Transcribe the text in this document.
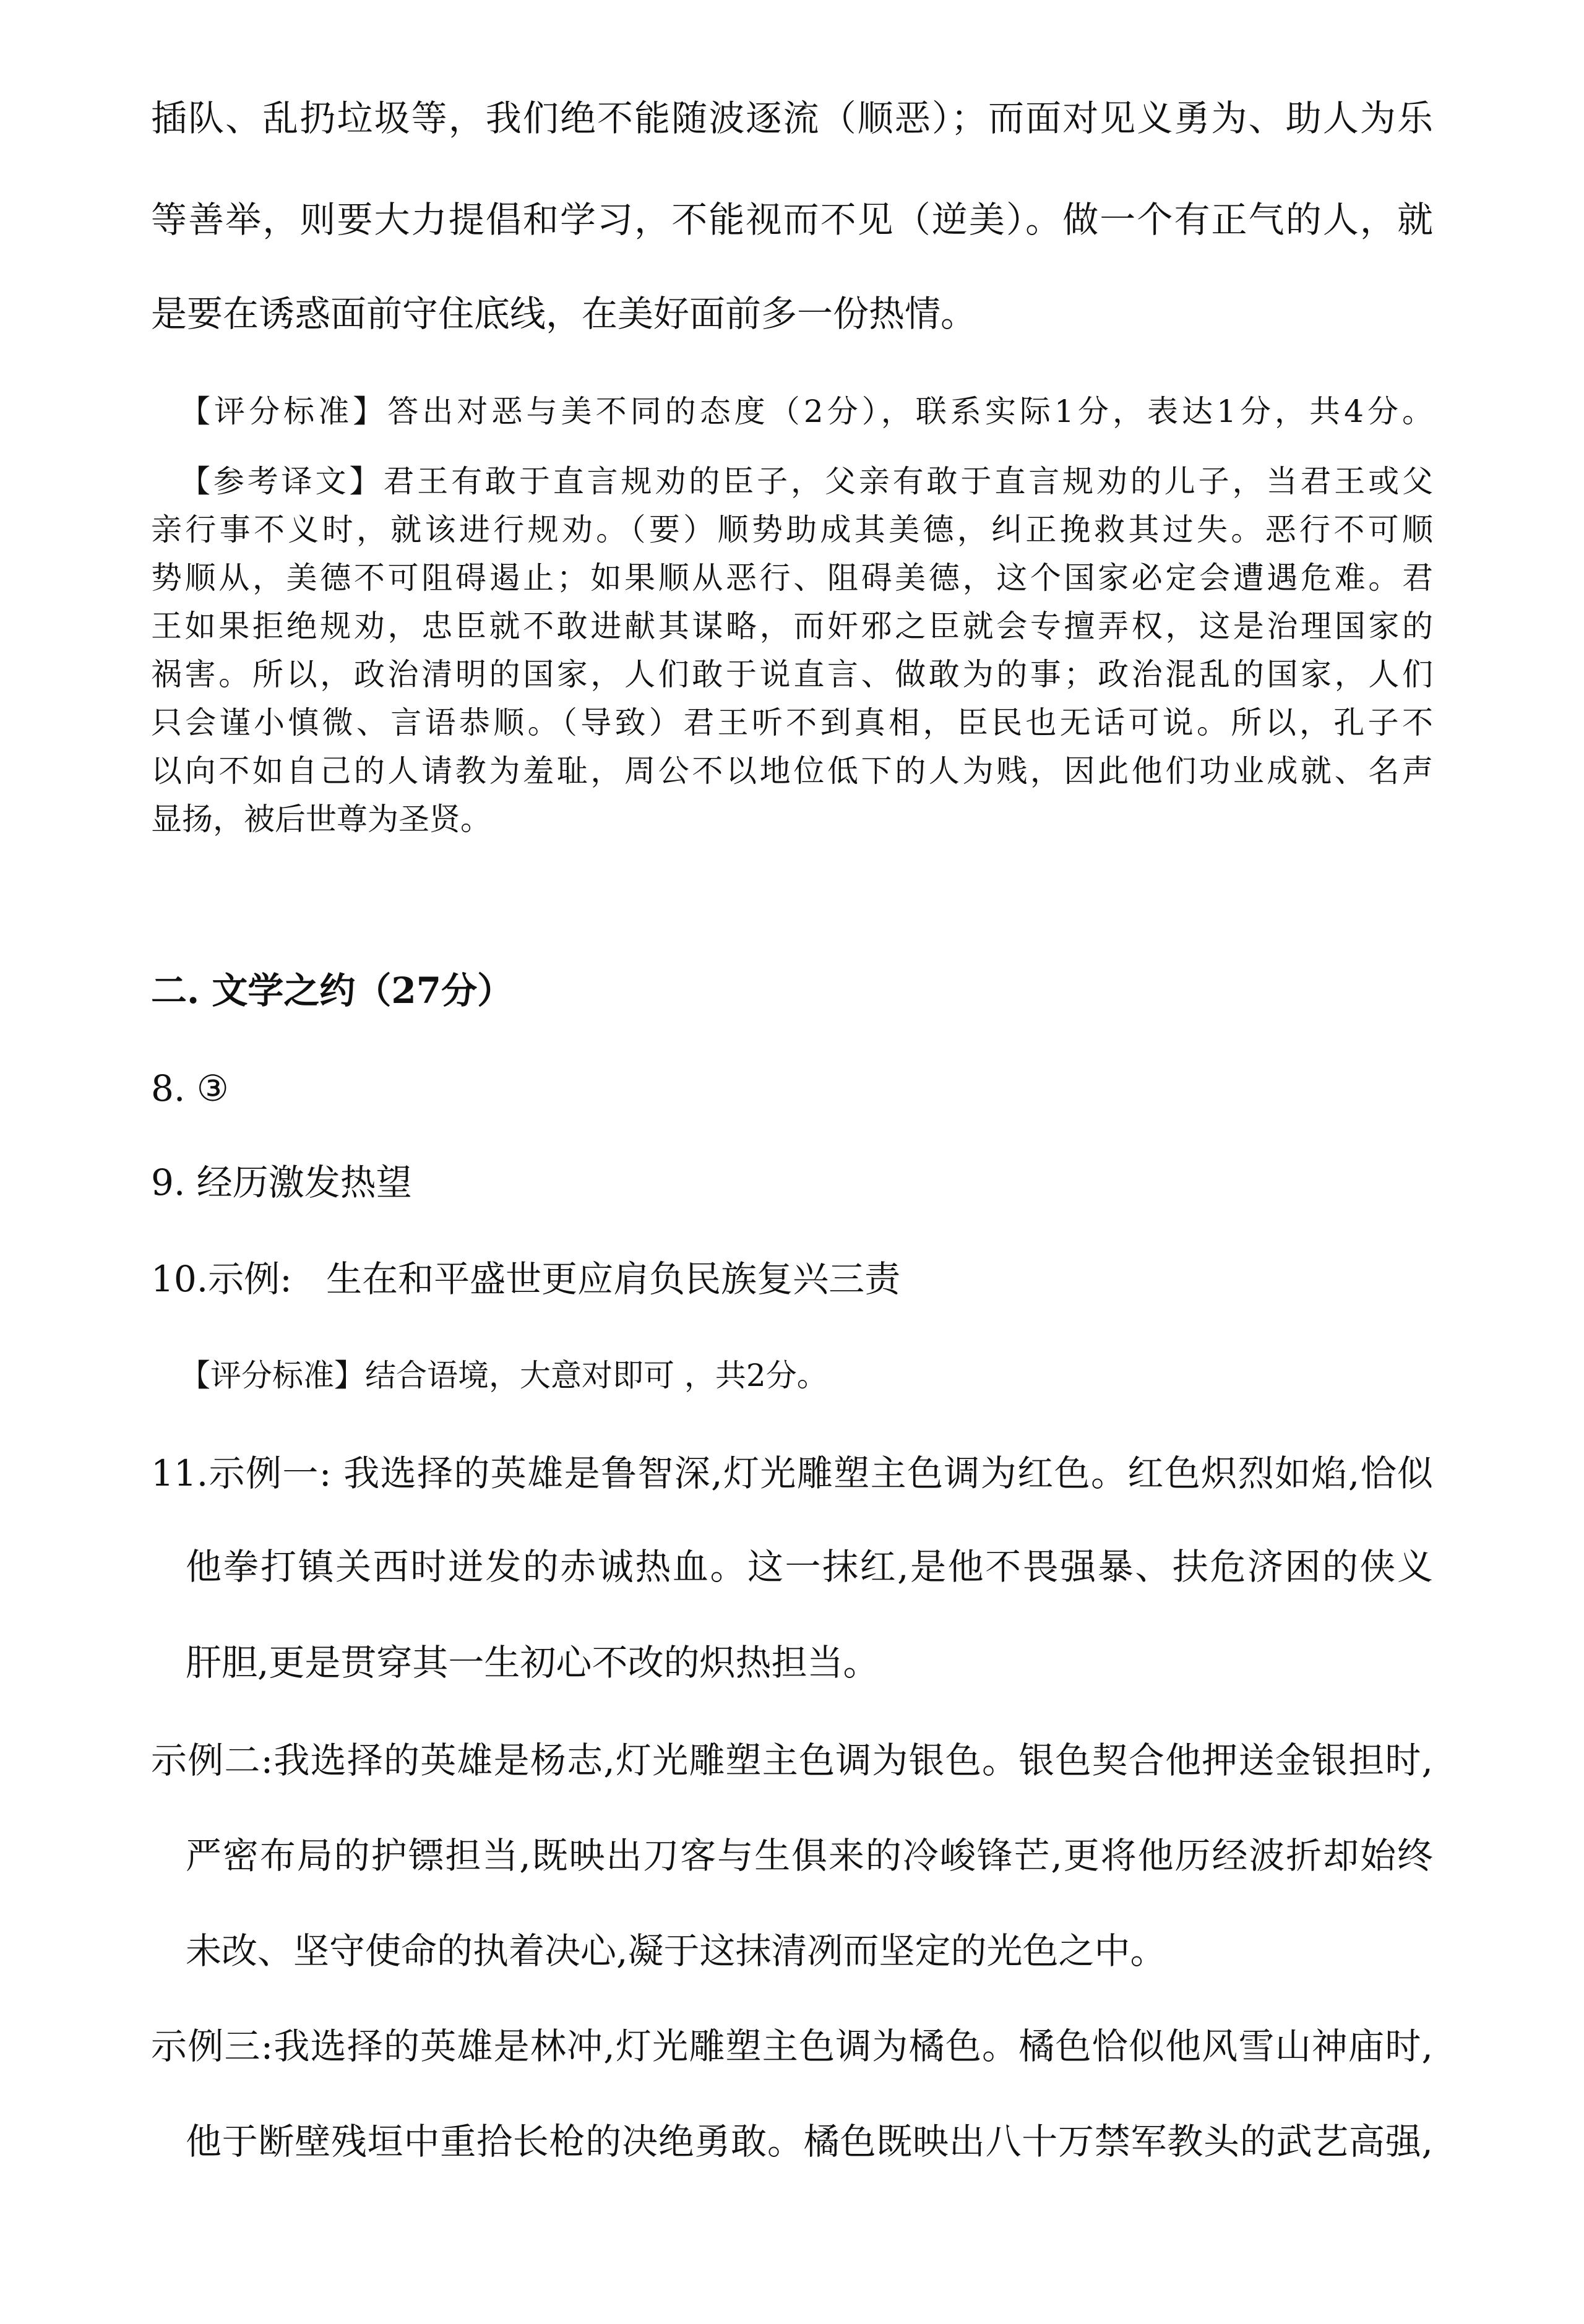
插队、乱扔垃圾等，我们绝不能随波逐流（顺恶）；而面对见义勇为、助人为乐
等善举，则要大力提倡和学习，不能视而不见（逆美）。做一个有正气的人，就
是要在诱惑面前守住底线，在美好面前多一份热情。
【评分标准】答出对恶与美不同的态度（2分），联系实际1分，表达1分，共4分。
【参考译文】君王有敢于直言规劝的臣子，父亲有敢于直言规劝的儿子，当君王或父
亲行事不义时，就该进行规劝。（要）顺势助成其美德，纠正挽救其过失。恶行不可顺
势顺从，美德不可阻碍遏止；如果顺从恶行、阻碍美德，这个国家必定会遭遇危难。君
王如果拒绝规劝，忠臣就不敢进献其谋略，而奸邪之臣就会专擅弄权，这是治理国家的
祸害。所以，政治清明的国家，人们敢于说直言、做敢为的事；政治混乱的国家，人们
只会谨小慎微、言语恭顺。（导致）君王听不到真相，臣民也无话可说。所以，孔子不
以向不如自己的人请教为羞耻，周公不以地位低下的人为贱，因此他们功业成就、名声
显扬，被后世尊为圣贤。
二. 文学之约（27分）
8. ③
9. 经历激发热望
10.示例:   生在和平盛世更应肩负民族复兴三责
【评分标准】结合语境，大意对即可 ，共2分。
11.示例一: 我选择的英雄是鲁智深,灯光雕塑主色调为红色。红色炽烈如焰,恰似
他拳打镇关西时迸发的赤诚热血。这一抹红,是他不畏强暴、扶危济困的侠义
肝胆,更是贯穿其一生初心不改的炽热担当。
示例二:我选择的英雄是杨志,灯光雕塑主色调为银色。银色契合他押送金银担时,
严密布局的护镖担当,既映出刀客与生俱来的冷峻锋芒,更将他历经波折却始终
未改、坚守使命的执着决心,凝于这抹清冽而坚定的光色之中。
示例三:我选择的英雄是林冲,灯光雕塑主色调为橘色。橘色恰似他风雪山神庙时,
他于断壁残垣中重拾长枪的决绝勇敢。橘色既映出八十万禁军教头的武艺高强,
